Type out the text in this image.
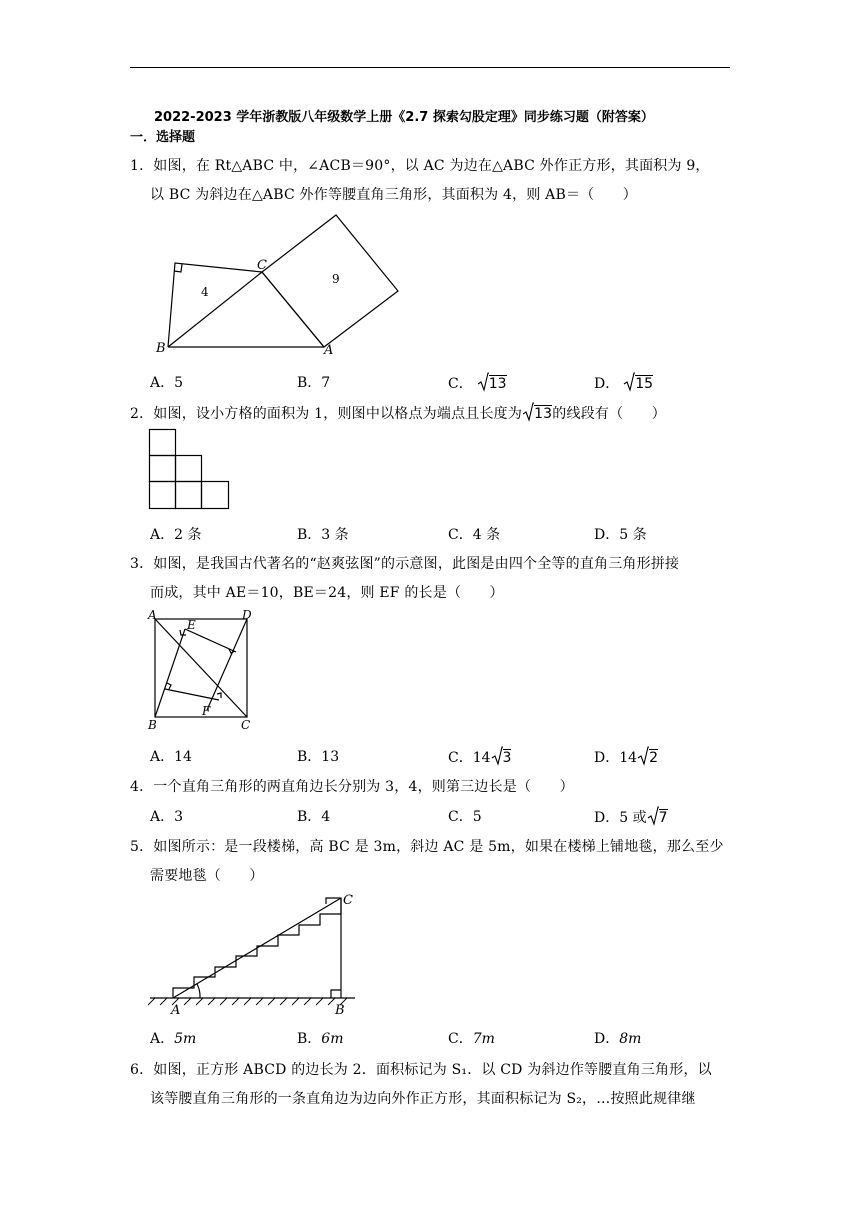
2022-2023 学年浙教版八年级数学上册《2.7 探索勾股定理》同步练习题（附答案）
一．选择题
1．如图，在 Rt△ABC 中，∠ACB＝90°，以 AC 为边在△ABC 外作正方形，其面积为 9，
以 BC 为斜边在△ABC 外作等腰直角三角形，其面积为 4，则 AB＝（　　）
C
B	A
4
9
A．5	B．7	C． 13	D． 15
2．如图，设小方格的面积为 1，则图中以格点为端点且长度为 13的线段有（　　）
A．2 条	B．3 条	C．4 条	D．5 条
3．如图，是我国古代著名的“赵爽弦图”的示意图，此图是由四个全等的直角三角形拼接
而成，其中 AE＝10，BE＝24，则 EF 的长是（　　）
A	D
E
B
F
C
A．14	B．13	C．14 3	D．14 2
4．一个直角三角形的两直角边长分别为 3，4，则第三边长是（　　）
A．3	B．4	C．5	D．5 或 7
5．如图所示：是一段楼梯，高 BC 是 3m，斜边 AC 是 5m，如果在楼梯上铺地毯，那么至少
需要地毯（　　）
C
A	B
A．5m	B．6m	C．7m	D．8m
6．如图，正方形 ABCD 的边长为 2．面积标记为 S₁．以 CD 为斜边作等腰直角三角形，以
该等腰直角三角形的一条直角边为边向外作正方形，其面积标记为 S₂，…按照此规律继
